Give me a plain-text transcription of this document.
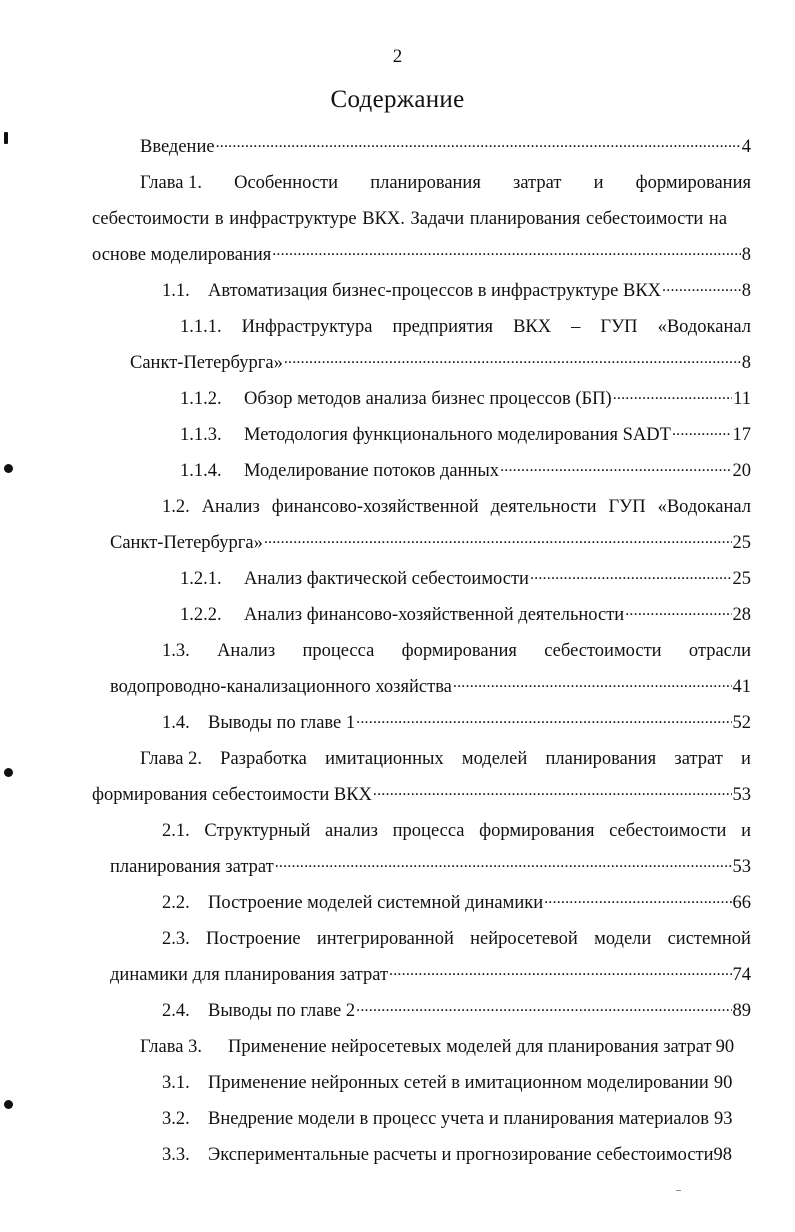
2
Содержание
Введение .....	4
Глава 1. Особенности планирования затрат и формирования
себестоимости в инфраструктуре ВКХ. Задачи планирования себестоимости на
основе моделирования .....	8
1.1. Автоматизация бизнес-процессов в инфраструктуре ВКХ .....	8
1.1.1. Инфраструктура предприятия ВКХ – ГУП «Водоканал
Санкт-Петербурга» .....	8
1.1.2. Обзор методов анализа бизнес процессов (БП) .....	11
1.1.3. Методология функционального моделирования SADT .....	17
1.1.4. Моделирование потоков данных .....	20
1.2. Анализ финансово-хозяйственной деятельности ГУП «Водоканал
Санкт-Петербурга» .....	25
1.2.1. Анализ фактической себестоимости .....	25
1.2.2. Анализ финансово-хозяйственной деятельности .....	28
1.3. Анализ процесса формирования себестоимости отрасли
водопроводно-канализационного хозяйства .....	41
1.4. Выводы по главе 1 .....	52
Глава 2. Разработка имитационных моделей планирования затрат и
формирования себестоимости ВКХ .....	53
2.1. Структурный анализ процесса формирования себестоимости и
планирования затрат .....	53
2.2. Построение моделей системной динамики .....	66
2.3. Построение интегрированной нейросетевой модели системной
динамики для планирования затрат .....	74
2.4. Выводы по главе 2 .....	89
Глава 3. Применение нейросетевых моделей для планирования затрат 90
3.1. Применение нейронных сетей в имитационном моделировании 90
3.2. Внедрение модели в процесс учета и планирования материалов 93
3.3. Экспериментальные расчеты и прогнозирование себестоимости 98
